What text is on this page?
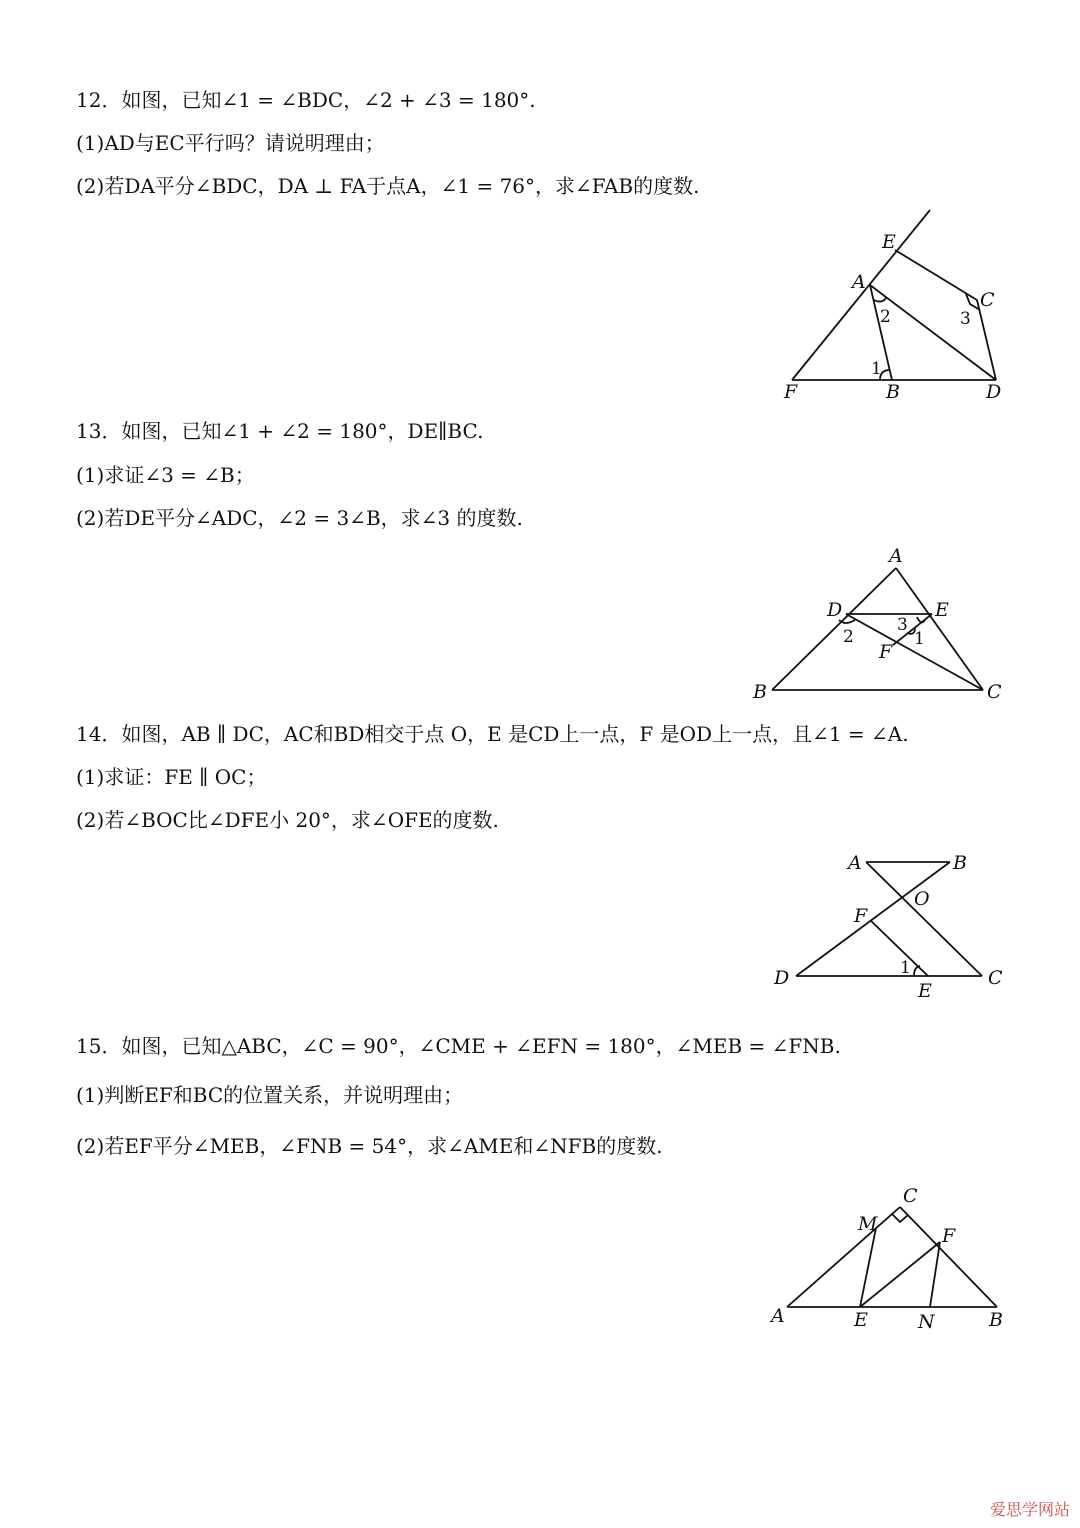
12．如图，已知∠1 = ∠BDC，∠2 + ∠3 = 180°.
(1)AD与EC平行吗？请说明理由；
(2)若DA平分∠BDC，DA ⊥ FA于点A，∠1 = 76°，求∠FAB的度数.
E
A
C
F	B	D
2
1
3
13．如图，已知∠1 + ∠2 = 180°，DE∥BC.
(1)求证∠3 = ∠B；
(2)若DE平分∠ADC，∠2 = 3∠B，求∠3 的度数.
A
D	E
F
B	C
2
3
1
14．如图，AB ∥ DC，AC和BD相交于点 O，E 是CD上一点，F 是OD上一点，且∠1 = ∠A.
(1)求证：FE ∥ OC；
(2)若∠BOC比∠DFE小 20°，求∠OFE的度数.
A	B
O
F
D
E
C
1
15．如图，已知△ABC，∠C = 90°，∠CME + ∠EFN = 180°，∠MEB = ∠FNB.
(1)判断EF和BC的位置关系，并说明理由；
(2)若EF平分∠MEB，∠FNB = 54°，求∠AME和∠NFB的度数.
C
M
F
A	E	N	B
爱思学网站
